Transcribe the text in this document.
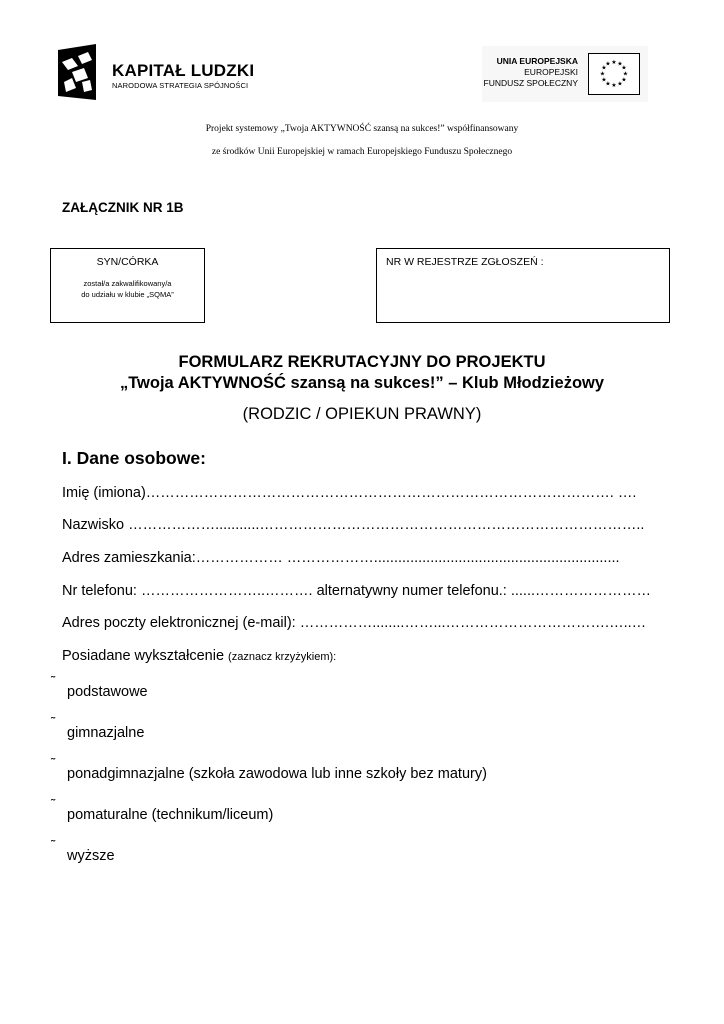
KAPITAŁ LUDZKI
NARODOWA STRATEGIA SPÓJNOŚCI
UNIA EUROPEJSKA
EUROPEJSKI
FUNDUSZ SPOŁECZNY
★ ★
★
★
★
★
★
★
★
★
★
★
Projekt systemowy „Twoja AKTYWNOŚĆ szansą na sukces!” współfinansowany
ze środków Unii Europejskiej w ramach Europejskiego Funduszu Społecznego
ZAŁĄCZNIK NR 1B
SYN/CÓRKA
został/a zakwalifikowany/a
do udziału w klubie „SQMA”
NR W REJESTRZE ZGŁOSZEŃ :
FORMULARZ REKRUTACYJNY DO PROJEKTU
„Twoja AKTYWNOŚĆ szansą na sukces!” – Klub Młodzieżowy
(RODZIC / OPIEKUN PRAWNY)
I. Dane osobowe:
Imię (imiona)……………………………………………………………………………………. ….
Nazwisko ………………...........……………………………………………………………………..
Adres zamieszkania:……………… ……………….............................................................
Nr telefonu: ……………………..………. alternatywny numer telefonu.: ......……………………
Adres poczty elektronicznej (e-mail): ……………........……...…………………………….…..…
Posiadane wykształcenie (zaznacz krzyżykiem):
˜
podstawowe
˜
gimnazjalne
˜
ponadgimnazjalne (szkoła zawodowa lub inne szkoły bez matury)
˜
pomaturalne (technikum/liceum)
˜
wyższe
